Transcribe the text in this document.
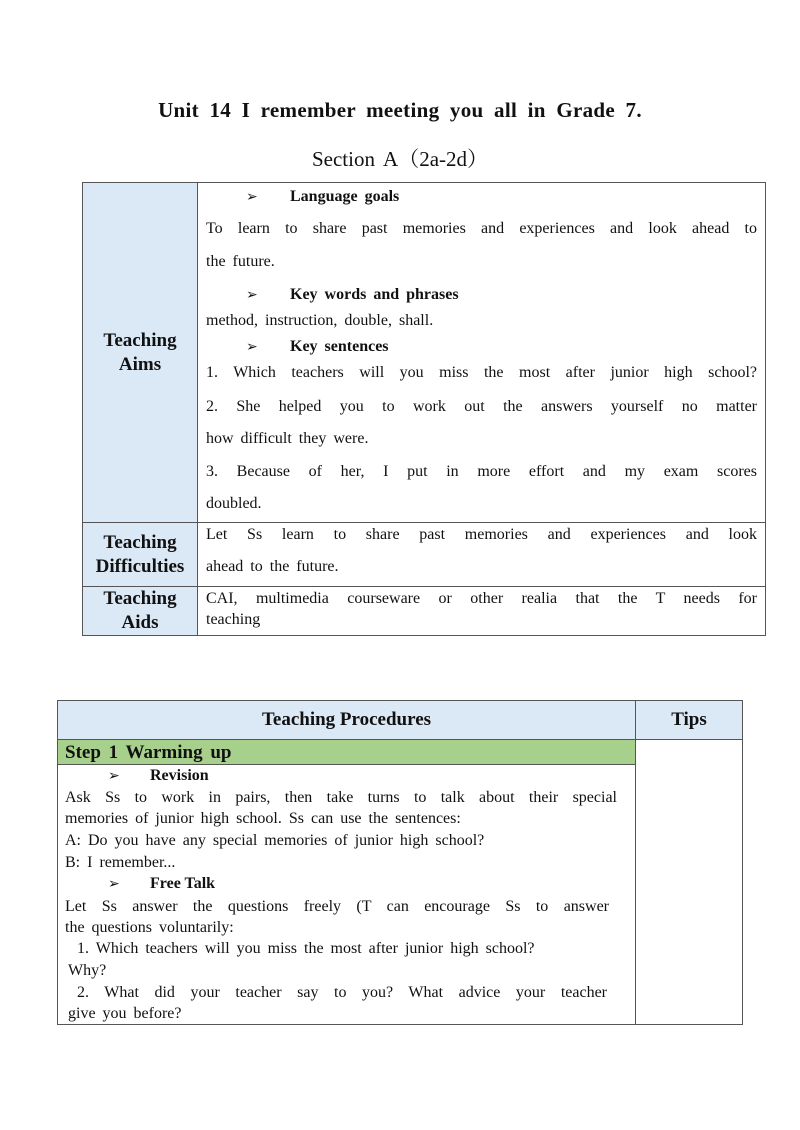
Unit 14 I remember meeting you all in Grade 7.
Section A（2a-2d）
Teaching
Aims
➢ Language goals
To learn to share past memories and experiences and look ahead to
the future.
➢ Key words and phrases
method, instruction, double, shall.
➢ Key sentences
1. Which teachers will you miss the most after junior high school?
2. She helped you to work out the answers yourself no matter
how difficult they were.
3. Because of her, I put in more effort and my exam scores
doubled.
Teaching
Difficulties
Let Ss learn to share past memories and experiences and look
ahead to the future.
Teaching
Aids
CAI, multimedia courseware or other realia that the T needs for
teaching
Teaching Procedures	Tips
Step 1 Warming up
➢ Revision
Ask Ss to work in pairs, then take turns to talk about their special
memories of junior high school. Ss can use the sentences:
A: Do you have any special memories of junior high school?
B: I remember...
➢ Free Talk
Let Ss answer the questions freely (T can encourage Ss to answer
the questions voluntarily:
1. Which teachers will you miss the most after junior high school?
Why?
2. What did your teacher say to you? What advice your teacher
give you before?
